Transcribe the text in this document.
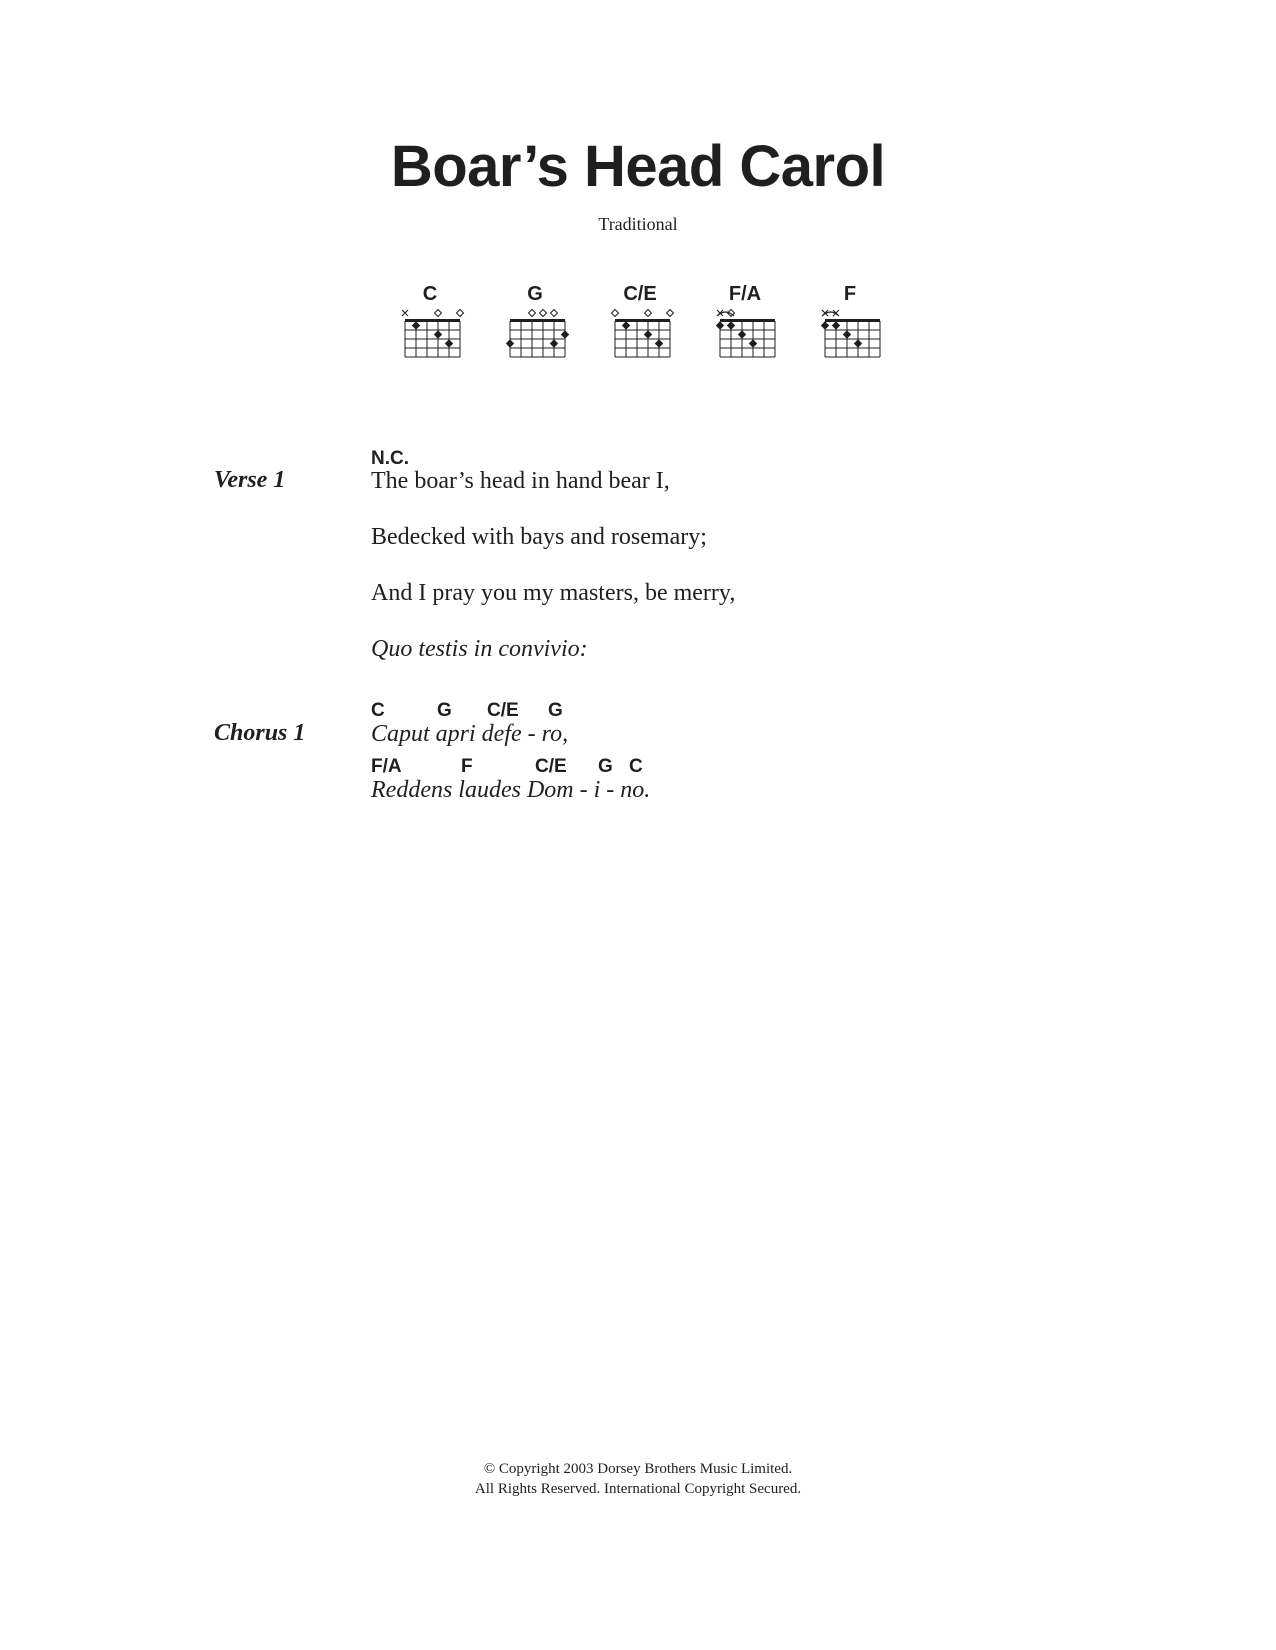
Boar’s Head Carol
Traditional
C	G	C/E	F/A	F
N.C.
Verse 1	The boar’s head in hand bear I,
Bedecked with bays and rosemary;
And I pray you my masters, be merry,
Quo testis in convivio:
C	G C/E G
Chorus 1	Caput apri defe - ro,
F/A	F	C/E G C
Reddens laudes Dom - i - no.
© Copyright 2003 Dorsey Brothers Music Limited.
All Rights Reserved. International Copyright Secured.
